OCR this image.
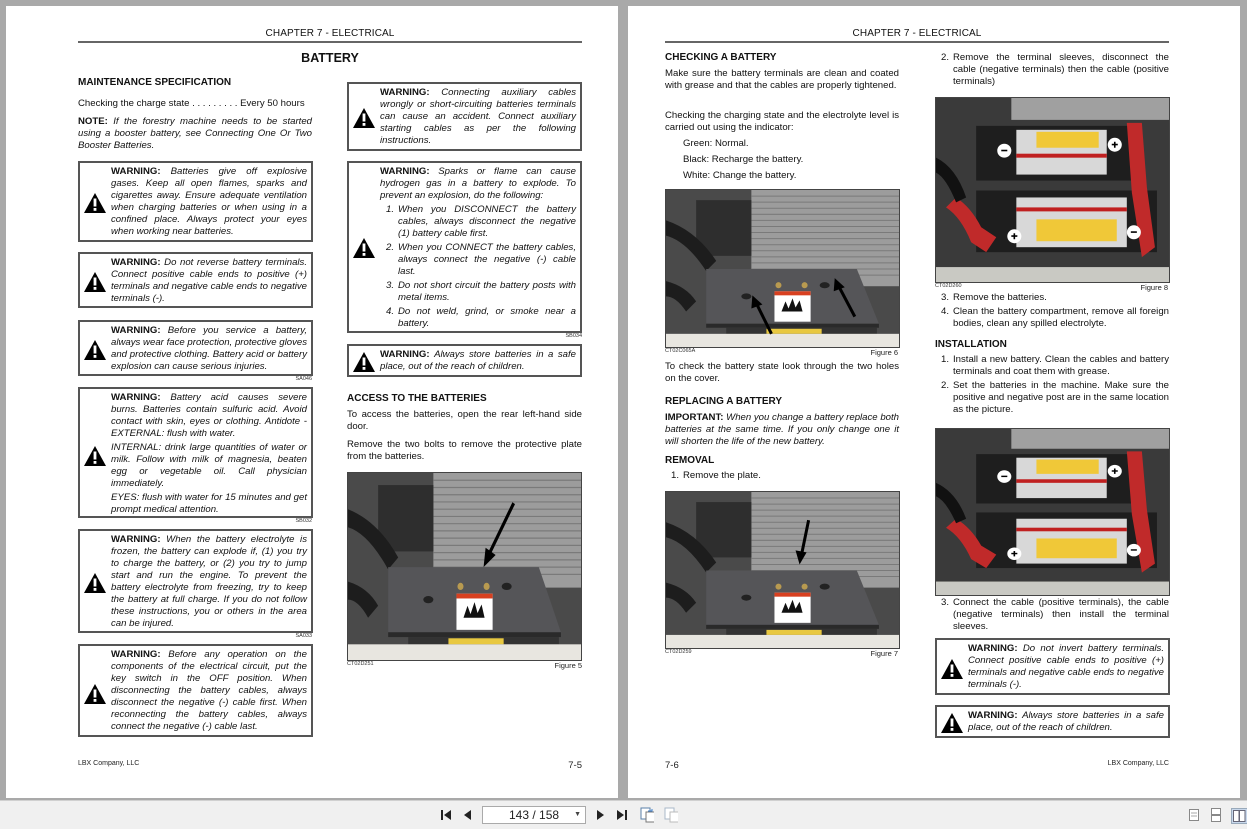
CHAPTER 7 - ELECTRICAL
BATTERY
MAINTENANCE SPECIFICATION
Checking the charge state . . . . . . . . . Every 50 hours
NOTE: If the forestry machine needs to be started using a booster battery, see Connecting One Or Two Booster Batteries.
WARNING: Batteries give off explosive gases. Keep all open flames, sparks and cigarettes away. Ensure adequate ventilation when charging batteries or when using in a confined place. Always protect your eyes when working near batteries.
WARNING: Do not reverse battery terminals. Connect positive cable ends to positive (+) terminals and negative cable ends to negative terminals (-).
WARNING: Before you service a battery, always wear face protection, protective gloves and protective clothing. Battery acid or battery explosion can cause serious injuries.
SA046
WARNING: Battery acid causes severe burns. Batteries contain sulfuric acid. Avoid contact with skin, eyes or clothing. Antidote - EXTERNAL: flush with water.
INTERNAL: drink large quantities of water or milk. Follow with milk of magnesia, beaten egg or vegetable oil. Call physician immediately.
EYES: flush with water for 15 minutes and get prompt medical attention.
SB032
WARNING: When the battery electrolyte is frozen, the battery can explode if, (1) you try to charge the battery, or (2) you try to jump start and run the engine. To prevent the battery electrolyte from freezing, try to keep the battery at full charge. If you do not follow these instructions, you or others in the area can be injured.
SA033
WARNING: Before any operation on the components of the electrical circuit, put the key switch in the OFF position. When disconnecting the battery cables, always disconnect the negative (-) cable first. When reconnecting the battery cables, always connect the negative (-) cable last.
WARNING: Connecting auxiliary cables wrongly or short-circuiting batteries terminals can cause an accident. Connect auxiliary starting cables as per the following instructions.
WARNING: Sparks or flame can cause hydrogen gas in a battery to explode. To prevent an explosion, do the following:
1. When you DISCONNECT the battery cables, always disconnect the negative (1) battery cable first.
2. When you CONNECT the battery cables, always connect the negative (-) cable last.
3. Do not short circuit the battery posts with metal items.
4. Do not weld, grind, or smoke near a battery.
SB034
WARNING: Always store batteries in a safe place, out of the reach of children.
ACCESS TO THE BATTERIES
To access the batteries, open the rear left-hand side door.
Remove the two bolts to remove the protective plate from the batteries.
CT02D251	Figure 5
LBX Company, LLC	7-5
CHAPTER 7 - ELECTRICAL
CHECKING A BATTERY
Make sure the battery terminals are clean and coated with grease and that the cables are properly tightened.
Checking the charging state and the electrolyte level is carried out using the indicator:
Green: Normal.
Black: Recharge the battery.
White: Change the battery.
CT02C065A	Figure 6
To check the battery state look through the two holes on the cover.
REPLACING A BATTERY
IMPORTANT: When you change a battery replace both batteries at the same time. If you only change one it will shorten the life of the new battery.
REMOVAL
1. Remove the plate.
CT02D259	Figure 7
2. Remove the terminal sleeves, disconnect the cable (negative terminals) then the cable (positive terminals)
CT02D260	Figure 8
3. Remove the batteries.
4. Clean the battery compartment, remove all foreign bodies, clean any spilled electrolyte.
INSTALLATION
1. Install a new battery. Clean the cables and battery terminals and coat them with grease.
2. Set the batteries in the machine. Make sure the positive and negative post are in the same location as the picture.
3. Connect the cable (positive terminals), the cable (negative terminals) then install the terminal sleeves.
WARNING: Do not invert battery terminals. Connect positive cable ends to positive (+) terminals and negative cable ends to negative terminals (-).
WARNING: Always store batteries in a safe place, out of the reach of children.
7-6	LBX Company, LLC
143 / 158 ▼
